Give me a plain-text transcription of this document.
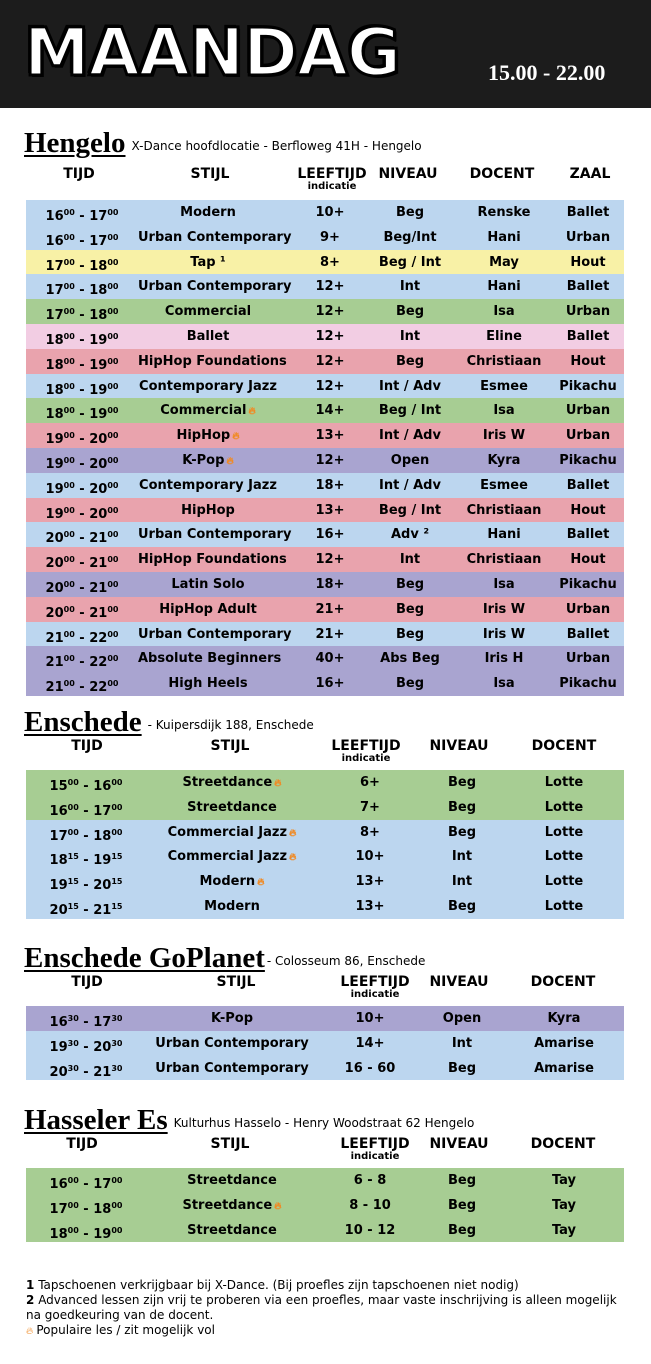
MAANDAG	15.00 - 22.00
Hengelo X-Dance hoofdlocatie - Berfloweg 41H - Hengelo
TIJD	STIJL	LEEFTIJD
indicatie
NIVEAU	DOCENT	ZAAL
$16^{00} - 17^{00}$	Modern	10+	Beg	Renske	Ballet
$16^{00} - 17^{00}$	Urban Contemporary	9+	Beg/Int	Hani	Urban
$17^{00} - 18^{00}$	Tap ¹	8+	Beg / Int	May	Hout
$17^{00} - 18^{00}$	Urban Contemporary	12+	Int	Hani	Ballet
$17^{00} - 18^{00}$	Commercial	12+	Beg	Isa	Urban
$18^{00} - 19^{00}$	Ballet	12+	Int	Eline	Ballet
$18^{00} - 19^{00}$	HipHop Foundations	12+	Beg	Christiaan	Hout
$18^{00} - 19^{00}$	Contemporary Jazz	12+	Int / Adv	Esmee	Pikachu
$18^{00} - 19^{00}$	Commercial 🔥︎	14+	Beg / Int	Isa	Urban
$19^{00} - 20^{00}$	HipHop 🔥︎	13+	Int / Adv	Iris W	Urban
$19^{00} - 20^{00}$	K-Pop 🔥︎	12+	Open	Kyra	Pikachu
$19^{00} - 20^{00}$	Contemporary Jazz	18+	Int / Adv	Esmee	Ballet
$19^{00} - 20^{00}$	HipHop	13+	Beg / Int	Christiaan	Hout
$20^{00} - 21^{00}$	Urban Contemporary	16+	Adv ²	Hani	Ballet
$20^{00} - 21^{00}$	HipHop Foundations	12+	Int	Christiaan	Hout
$20^{00} - 21^{00}$	Latin Solo	18+	Beg	Isa	Pikachu
$20^{00} - 21^{00}$	HipHop Adult	21+	Beg	Iris W	Urban
$21^{00} - 22^{00}$	Urban Contemporary	21+	Beg	Iris W	Ballet
$21^{00} - 22^{00}$	Absolute Beginners	40+	Abs Beg	Iris H	Urban
$21^{00} - 22^{00}$	High Heels	16+	Beg	Isa	Pikachu
Enschede - Kuipersdijk 188, Enschede
TIJD	STIJL	LEEFTIJD
indicatie
NIVEAU	DOCENT
$15^{00} - 16^{00}$	Streetdance 🔥︎	6+	Beg	Lotte
$16^{00} - 17^{00}$	Streetdance	7+	Beg	Lotte
$17^{00} - 18^{00}$	Commercial Jazz 🔥︎	8+	Beg	Lotte
$18^{15} - 19^{15}$	Commercial Jazz 🔥︎	10+	Int	Lotte
$19^{15} - 20^{15}$	Modern 🔥︎	13+	Int	Lotte
$20^{15} - 21^{15}$	Modern	13+	Beg	Lotte
Enschede GoPlanet - Colosseum 86, Enschede
TIJD	STIJL	LEEFTIJD
indicatie
NIVEAU	DOCENT
$16^{30} - 17^{30}$	K-Pop	10+	Open	Kyra
$19^{30} - 20^{30}$	Urban Contemporary	14+	Int	Amarise
$20^{30} - 21^{30}$	Urban Contemporary	16 - 60	Beg	Amarise
Hasseler Es Kulturhus Hasselo - Henry Woodstraat 62 Hengelo
TIJD	STIJL	LEEFTIJD
indicatie
NIVEAU	DOCENT
$16^{00} - 17^{00}$	Streetdance	6 - 8	Beg	Tay
$17^{00} - 18^{00}$	Streetdance 🔥︎	8 - 10	Beg	Tay
$18^{00} - 19^{00}$	Streetdance	10 - 12	Beg	Tay
1 Tapschoenen verkrijgbaar bij X-Dance. (Bij proefles zijn tapschoenen niet nodig)
2 Advanced lessen zijn vrij te proberen via een proefles, maar vaste inschrijving is alleen mogelijk na goedkeuring van de docent.
🔥︎ Populaire les / zit mogelijk vol
